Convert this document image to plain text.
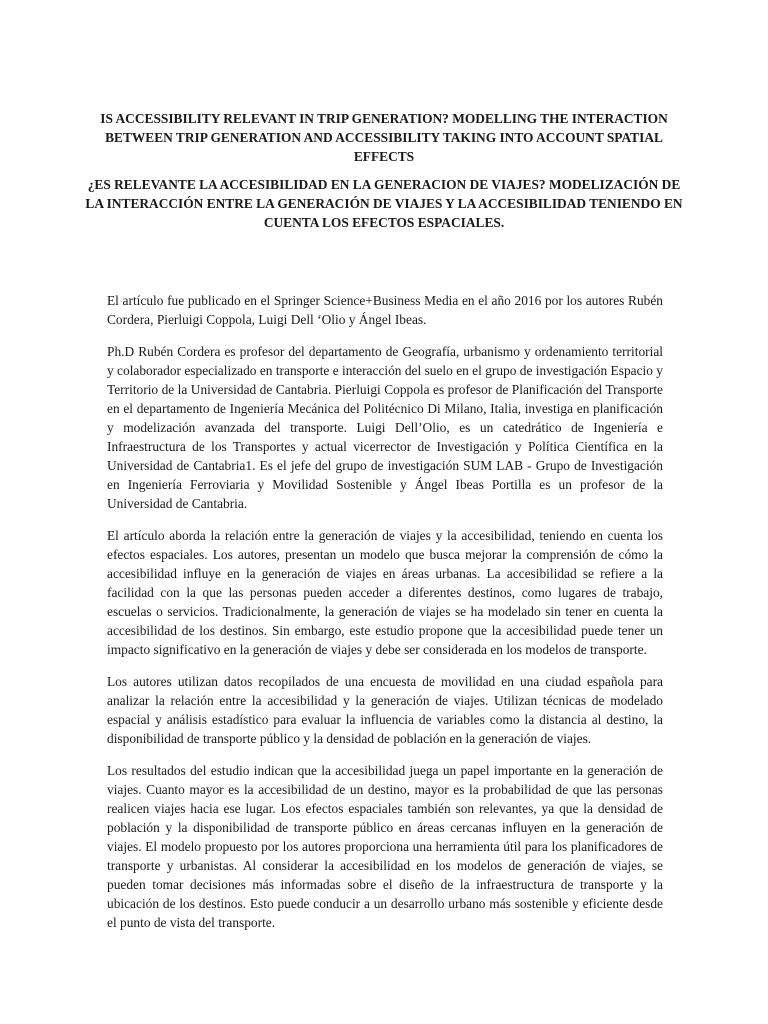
IS ACCESSIBILITY RELEVANT IN TRIP GENERATION? MODELLING THE INTERACTION BETWEEN TRIP GENERATION AND ACCESSIBILITY TAKING INTO ACCOUNT SPATIAL EFFECTS
¿ES RELEVANTE LA ACCESIBILIDAD EN LA GENERACION DE VIAJES? MODELIZACIÓN DE LA INTERACCIÓN ENTRE LA GENERACIÓN DE VIAJES Y LA ACCESIBILIDAD TENIENDO EN CUENTA LOS EFECTOS ESPACIALES.

El artículo fue publicado en el Springer Science+Business Media en el año 2016 por los autores Rubén Cordera, Pierluigi Coppola, Luigi Dell ‘Olio y Ángel Ibeas.

Ph.D Rubén Cordera es profesor del departamento de Geografía, urbanismo y ordenamiento territorial y colaborador especializado en transporte e interacción del suelo en el grupo de investigación Espacio y Territorio de la Universidad de Cantabria. Pierluigi Coppola es profesor de Planificación del Transporte en el departamento de Ingeniería Mecánica del Politécnico Di Milano, Italia, investiga en planificación y modelización avanzada del transporte. Luigi Dell’Olio, es un catedrático de Ingeniería e Infraestructura de los Transportes y actual vicerrector de Investigación y Política Científica en la Universidad de Cantabria1. Es el jefe del grupo de investigación SUM LAB - Grupo de Investigación en Ingeniería Ferroviaria y Movilidad Sostenible y Ángel Ibeas Portilla es un profesor de la Universidad de Cantabria.

El artículo aborda la relación entre la generación de viajes y la accesibilidad, teniendo en cuenta los efectos espaciales. Los autores, presentan un modelo que busca mejorar la comprensión de cómo la accesibilidad influye en la generación de viajes en áreas urbanas. La accesibilidad se refiere a la facilidad con la que las personas pueden acceder a diferentes destinos, como lugares de trabajo, escuelas o servicios. Tradicionalmente, la generación de viajes se ha modelado sin tener en cuenta la accesibilidad de los destinos. Sin embargo, este estudio propone que la accesibilidad puede tener un impacto significativo en la generación de viajes y debe ser considerada en los modelos de transporte.

Los autores utilizan datos recopilados de una encuesta de movilidad en una ciudad española para analizar la relación entre la accesibilidad y la generación de viajes. Utilizan técnicas de modelado espacial y análisis estadístico para evaluar la influencia de variables como la distancia al destino, la disponibilidad de transporte público y la densidad de población en la generación de viajes.

Los resultados del estudio indican que la accesibilidad juega un papel importante en la generación de viajes. Cuanto mayor es la accesibilidad de un destino, mayor es la probabilidad de que las personas realicen viajes hacia ese lugar. Los efectos espaciales también son relevantes, ya que la densidad de población y la disponibilidad de transporte público en áreas cercanas influyen en la generación de viajes. El modelo propuesto por los autores proporciona una herramienta útil para los planificadores de transporte y urbanistas. Al considerar la accesibilidad en los modelos de generación de viajes, se pueden tomar decisiones más informadas sobre el diseño de la infraestructura de transporte y la ubicación de los destinos. Esto puede conducir a un desarrollo urbano más sostenible y eficiente desde el punto de vista del transporte.
